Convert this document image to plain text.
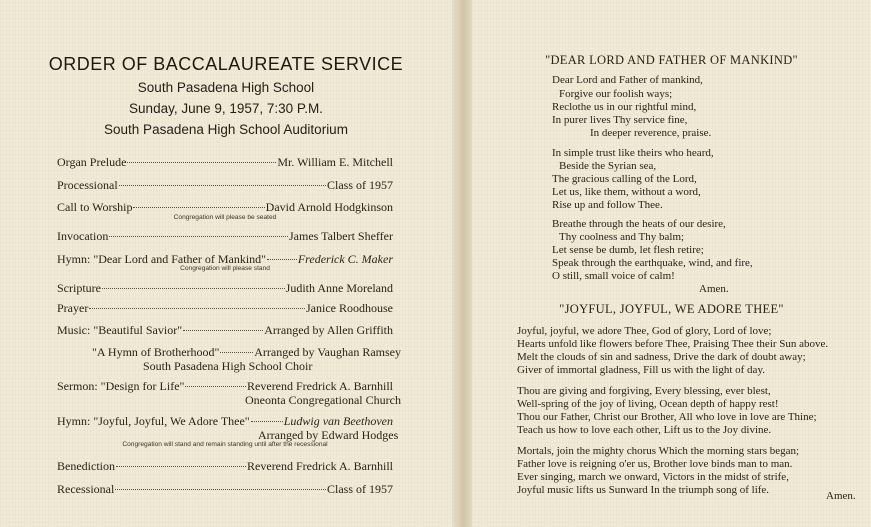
ORDER OF BACCALAUREATE SERVICE
South Pasadena High School
Sunday, June 9, 1957, 7:30 P.M.
South Pasadena High School Auditorium
Organ Prelude	Mr. William E. Mitchell
Processional	Class of 1957
Call to Worship	David Arnold Hodgkinson
Congregation will please be seated
Invocation	James Talbert Sheffer
Hymn: "Dear Lord and Father of Mankind"	Frederick C. Maker
Congregation will please stand
Scripture	Judith Anne Moreland
Prayer	Janice Roodhouse
Music: "Beautiful Savior"	Arranged by Allen Griffith
"A Hymn of Brotherhood"	Arranged by Vaughan Ramsey
South Pasadena High School Choir
Sermon: "Design for Life"	Reverend Fredrick A. Barnhill
Oneonta Congregational Church
Hymn: "Joyful, Joyful, We Adore Thee"	Ludwig van Beethoven
Arranged by Edward Hodges
Congregation will stand and remain standing until after the recessional
Benediction	Reverend Fredrick A. Barnhill
Recessional	Class of 1957
"DEAR LORD AND FATHER OF MANKIND"
Dear Lord and Father of mankind,
Forgive our foolish ways;
Reclothe us in our rightful mind,
In purer lives Thy service fine,
In deeper reverence, praise.
In simple trust like theirs who heard,
Beside the Syrian sea,
The gracious calling of the Lord,
Let us, like them, without a word,
Rise up and follow Thee.
Breathe through the heats of our desire,
Thy coolness and Thy balm;
Let sense be dumb, let flesh retire;
Speak through the earthquake, wind, and fire,
O still, small voice of calm!
Amen.
"JOYFUL, JOYFUL, WE ADORE THEE"
Joyful, joyful, we adore Thee, God of glory, Lord of love;
Hearts unfold like flowers before Thee, Praising Thee their Sun above.
Melt the clouds of sin and sadness, Drive the dark of doubt away;
Giver of immortal gladness, Fill us with the light of day.
Thou are giving and forgiving, Every blessing, ever blest,
Well-spring of the joy of living, Ocean depth of happy rest!
Thou our Father, Christ our Brother, All who love in love are Thine;
Teach us how to love each other, Lift us to the Joy divine.
Mortals, join the mighty chorus Which the morning stars began;
Father love is reigning o'er us, Brother love binds man to man.
Ever singing, march we onward, Victors in the midst of strife,
Joyful music lifts us Sunward In the triumph song of life.	Amen.
